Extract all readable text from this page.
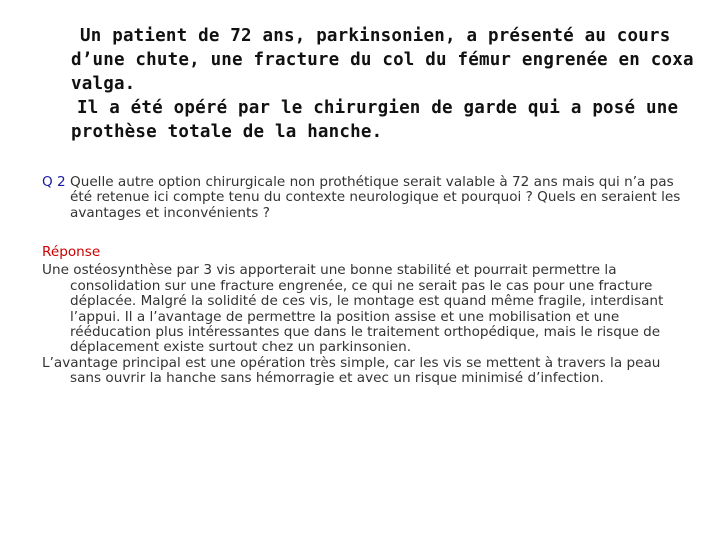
Un patient de 72 ans, parkinsonien, a présenté au cours d’une chute, une fracture du col du fémur engrenée en coxa valga.

Il a été opéré par le chirurgien de garde qui a posé une prothèse totale de la hanche.

Q 2 Quelle autre option chirurgicale non prothétique serait valable à 72 ans mais qui n’a pas été retenue ici compte tenu du contexte neurologique et pourquoi ? Quels en seraient les avantages et inconvénients ?

Réponse

Une ostéosynthèse par 3 vis apporterait une bonne stabilité et pourrait permettre la consolidation sur une fracture engrenée, ce qui ne serait pas le cas pour une fracture déplacée. Malgré la solidité de ces vis, le montage est quand même fragile, interdisant l’appui. Il a l’avantage de permettre la position assise et une mobilisation et une rééducation plus intéressantes que dans le traitement orthopédique, mais le risque de déplacement existe surtout chez un parkinsonien.

L’avantage principal est une opération très simple, car les vis se mettent à travers la peau sans ouvrir la hanche sans hémorragie et avec un risque minimisé d’infection.
